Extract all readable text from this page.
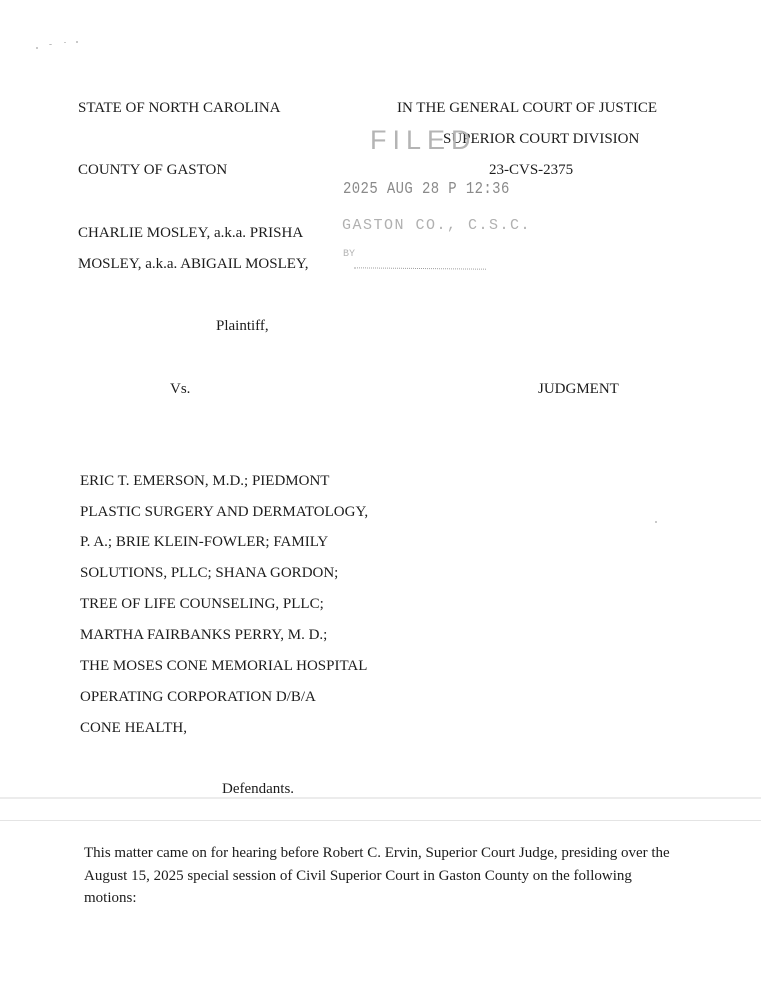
STATE OF NORTH CAROLINA	IN THE GENERAL COURT OF JUSTICE
SUPERIOR COURT DIVISION
COUNTY OF GASTON	23-CVS-2375
FILED
2025 AUG 28 P 12:36
GASTON CO., C.S.C.
BY
CHARLIE MOSLEY, a.k.a. PRISHA
MOSLEY, a.k.a. ABIGAIL MOSLEY,
Plaintiff,
Vs.	JUDGMENT
ERIC T. EMERSON, M.D.; PIEDMONT
PLASTIC SURGERY AND DERMATOLOGY,
P. A.; BRIE KLEIN-FOWLER; FAMILY
SOLUTIONS, PLLC; SHANA GORDON;
TREE OF LIFE COUNSELING, PLLC;
MARTHA FAIRBANKS PERRY, M. D.;
THE MOSES CONE MEMORIAL HOSPITAL
OPERATING CORPORATION D/B/A
CONE HEALTH,
Defendants.
This matter came on for hearing before Robert C. Ervin, Superior Court Judge, presiding over the August 15, 2025 special session of Civil Superior Court in Gaston County on the following motions:
